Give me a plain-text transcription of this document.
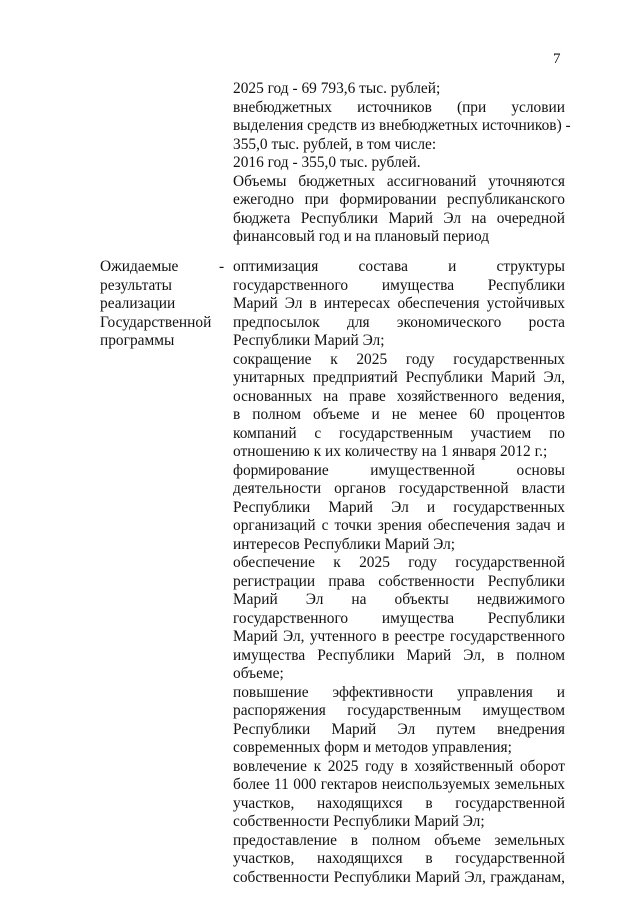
7
2025 год - 69 793,6 тыс. рублей;
внебюджетных источников (при условии
выделения средств из внебюджетных источников) -
355,0 тыс. рублей, в том числе:
2016 год - 355,0 тыс. рублей.
Объемы бюджетных ассигнований уточняются
ежегодно при формировании республиканского
бюджета Республики Марий Эл на очередной
финансовый год и на плановый период
Ожидаемые
результаты
реализации
Государственной
программы
- оптимизация состава и структуры
государственного имущества Республики
Марий Эл в интересах обеспечения устойчивых
предпосылок для экономического роста
Республики Марий Эл;
сокращение к 2025 году государственных
унитарных предприятий Республики Марий Эл,
основанных на праве хозяйственного ведения,
в полном объеме и не менее 60 процентов
компаний с государственным участием по
отношению к их количеству на 1 января 2012 г.;
формирование имущественной основы
деятельности органов государственной власти
Республики Марий Эл и государственных
организаций с точки зрения обеспечения задач и
интересов Республики Марий Эл;
обеспечение к 2025 году государственной
регистрации права собственности Республики
Марий Эл на объекты недвижимого
государственного имущества Республики
Марий Эл, учтенного в реестре государственного
имущества Республики Марий Эл, в полном
объеме;
повышение эффективности управления и
распоряжения государственным имуществом
Республики Марий Эл путем внедрения
современных форм и методов управления;
вовлечение к 2025 году в хозяйственный оборот
более 11 000 гектаров неиспользуемых земельных
участков, находящихся в государственной
собственности Республики Марий Эл;
предоставление в полном объеме земельных
участков, находящихся в государственной
собственности Республики Марий Эл, гражданам,
